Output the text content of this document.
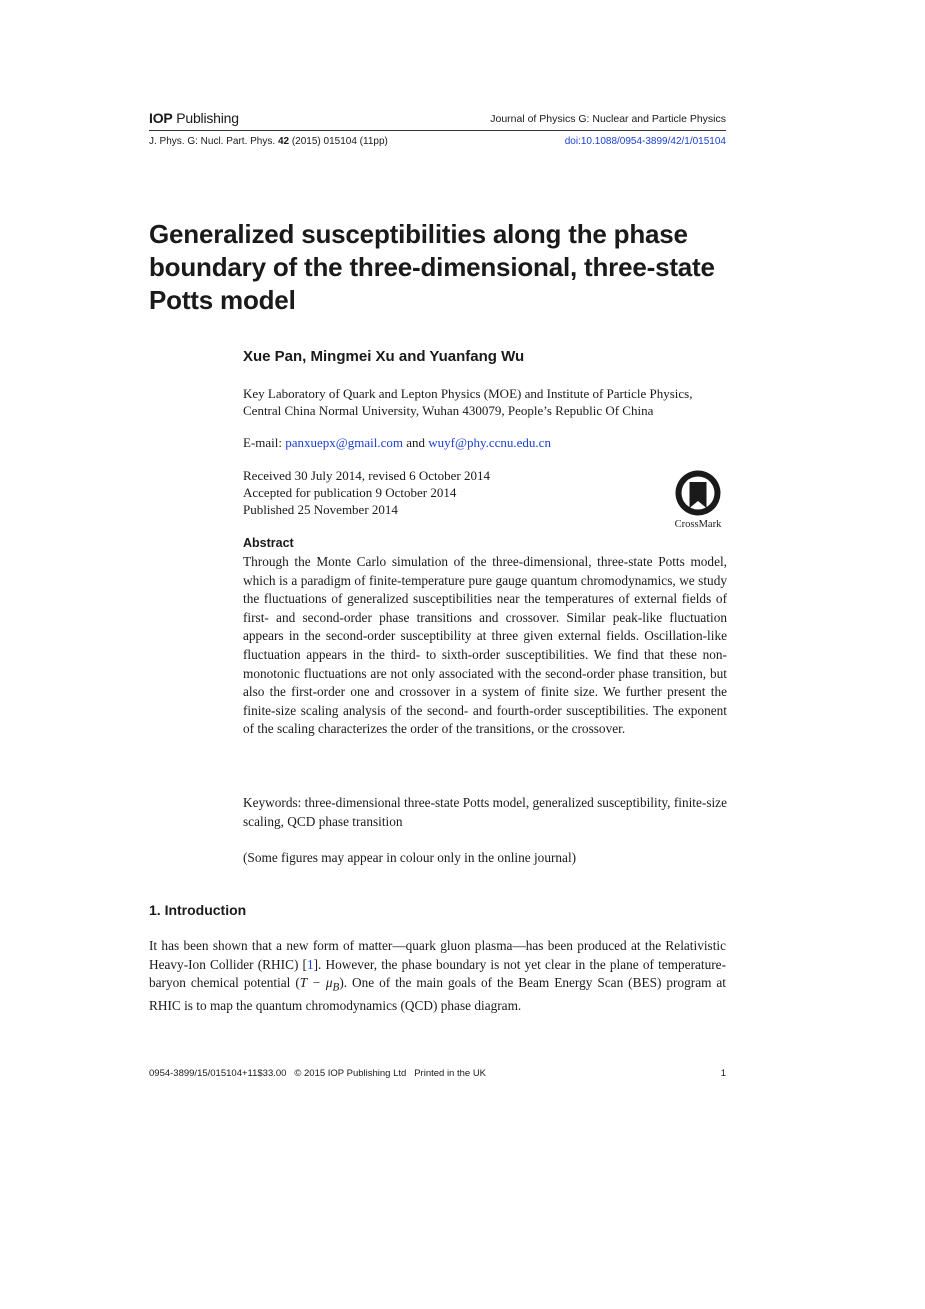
IOP Publishing	Journal of Physics G: Nuclear and Particle Physics
J. Phys. G: Nucl. Part. Phys. 42 (2015) 015104 (11pp)	doi:10.1088/0954-3899/42/1/015104
Generalized susceptibilities along the phase boundary of the three-dimensional, three-state Potts model
Xue Pan, Mingmei Xu and Yuanfang Wu
Key Laboratory of Quark and Lepton Physics (MOE) and Institute of Particle Physics,
Central China Normal University, Wuhan 430079, People’s Republic Of China
E-mail: panxuepx@gmail.com and wuyf@phy.ccnu.edu.cn
Received 30 July 2014, revised 6 October 2014
Accepted for publication 9 October 2014
Published 25 November 2014
CrossMark
Abstract

Through the Monte Carlo simulation of the three-dimensional, three-state Potts model, which is a paradigm of finite-temperature pure gauge quantum chromodynamics, we study the fluctuations of generalized susceptibilities near the temperatures of external fields of first- and second-order phase transitions and crossover. Similar peak-like fluctuation appears in the second-order susceptibility at three given external fields. Oscillation-like fluctuation appears in the third- to sixth-order susceptibilities. We find that these non-monotonic fluctuations are not only associated with the second-order phase transition, but also the first-order one and crossover in a system of finite size. We further present the finite-size scaling analysis of the second- and fourth-order susceptibilities. The exponent of the scaling characterizes the order of the transitions, or the crossover.

Keywords: three-dimensional three-state Potts model, generalized susceptibility, finite-size scaling, QCD phase transition

(Some figures may appear in colour only in the online journal)
1. Introduction

It has been shown that a new form of matter—quark gluon plasma—has been produced at the Relativistic Heavy-Ion Collider (RHIC) [1]. However, the phase boundary is not yet clear in the plane of temperature-baryon chemical potential $(T - \mu_B)$. One of the main goals of the Beam Energy Scan (BES) program at RHIC is to map the quantum chromodynamics (QCD) phase diagram.

0954-3899/15/015104+11$33.00   © 2015 IOP Publishing Ltd   Printed in the UK	1
